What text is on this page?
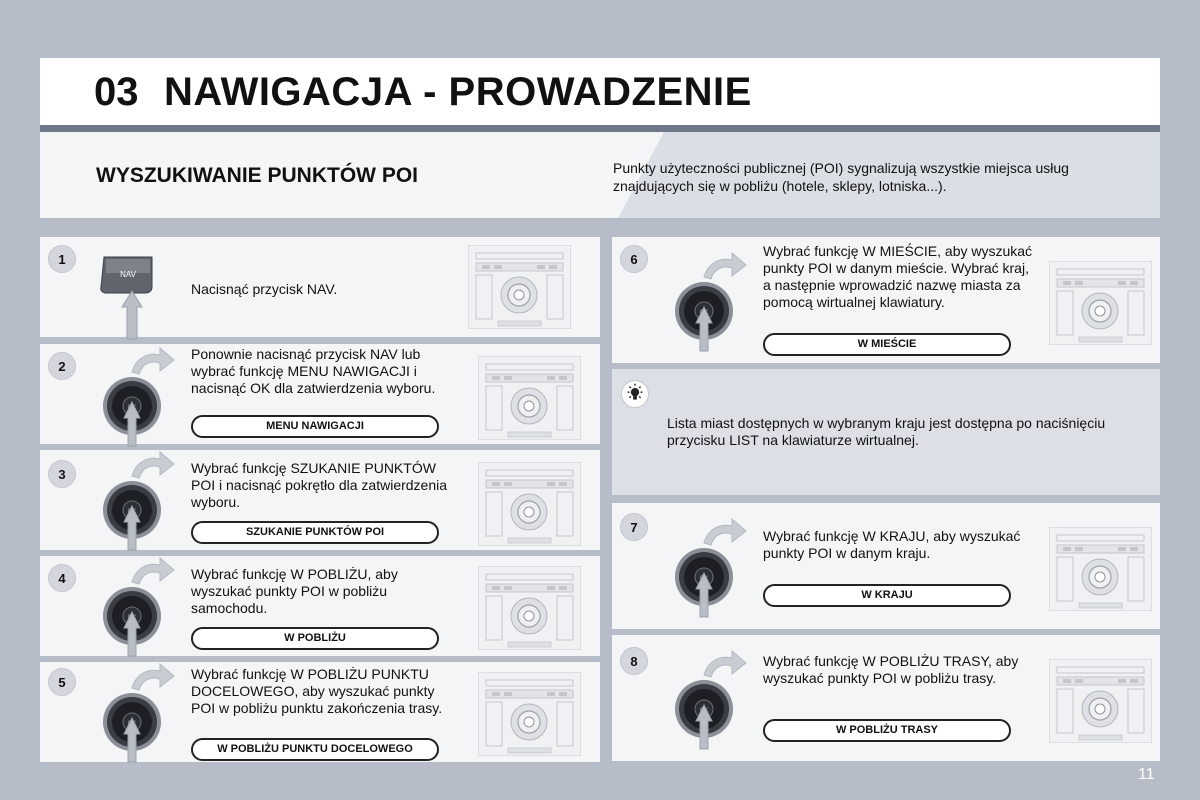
03 NAWIGACJA - PROWADZENIE
WYSZUKIWANIE PUNKTÓW POI	Punkty użyteczności publicznej (POI) sygnalizują wszystkie miejsca usług znajdujących się w pobliżu (hotele, sklepy, lotniska...).

1
NAV
Nacisnąć przycisk NAV.
2
Ponownie nacisnąć przycisk NAV lub wybrać funkcję MENU NAWIGACJI i nacisnąć OK dla zatwierdzenia wyboru.
MENU NAWIGACJI
3	Wybrać funkcję SZUKANIE PUNKTÓW POI i nacisnąć pokrętło dla zatwierdzenia wyboru.
SZUKANIE PUNKTÓW POI
4	Wybrać funkcję W POBLIŻU, aby wyszukać punkty POI w pobliżu samochodu.
W POBLIŻU
5
Wybrać funkcję W POBLIŻU PUNKTU DOCELOWEGO, aby wyszukać punkty POI w pobliżu punktu zakończenia trasy.
W POBLIŻU PUNKTU DOCELOWEGO
6
Wybrać funkcję W MIEŚCIE, aby wyszukać punkty POI w danym mieście. Wybrać kraj, a następnie wprowadzić nazwę miasta za pomocą wirtualnej klawiatury.
W MIEŚCIE
Lista miast dostępnych w wybranym kraju jest dostępna po naciśnięciu przycisku LIST na klawiaturze wirtualnej.
7
Wybrać funkcję W KRAJU, aby wyszukać punkty POI w danym kraju.
W KRAJU
8	Wybrać funkcję W POBLIŻU TRASY, aby wyszukać punkty POI w pobliżu trasy.
W POBLIŻU TRASY
11
